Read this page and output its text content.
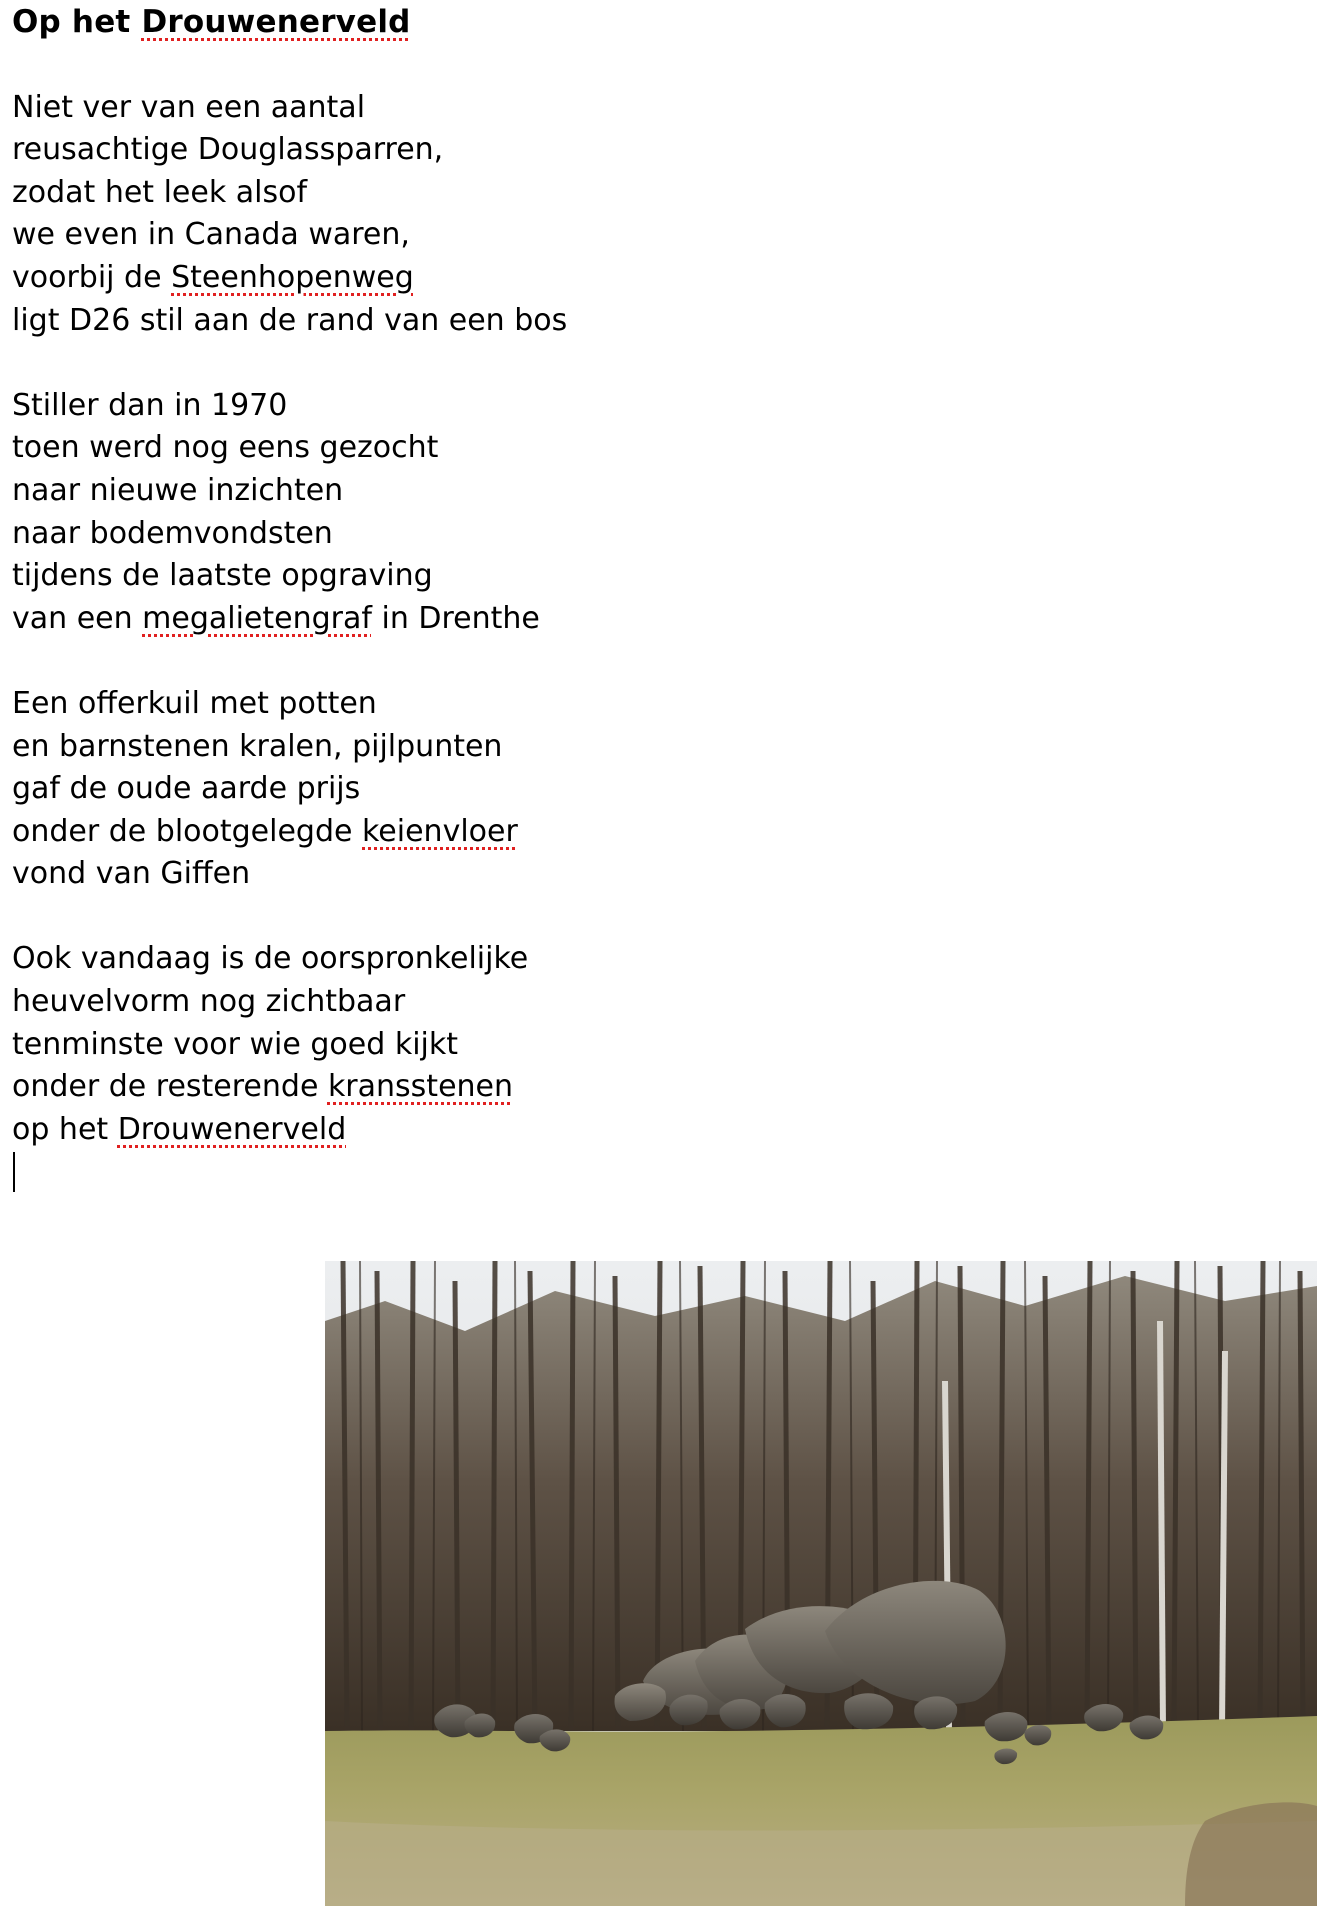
Op het Drouwenerveld
Niet ver van een aantal
reusachtige Douglassparren,
zodat het leek alsof
we even in Canada waren,
voorbij de Steenhopenweg
ligt D26 stil aan de rand van een bos
Stiller dan in 1970
toen werd nog eens gezocht
naar nieuwe inzichten
naar bodemvondsten
tijdens de laatste opgraving
van een megalietengraf in Drenthe
Een offerkuil met potten
en barnstenen kralen, pijlpunten
gaf de oude aarde prijs
onder de blootgelegde keienvloer
vond van Giffen
Ook vandaag is de oorspronkelijke
heuvelvorm nog zichtbaar
tenminste voor wie goed kijkt
onder de resterende kransstenen
op het Drouwenerveld
